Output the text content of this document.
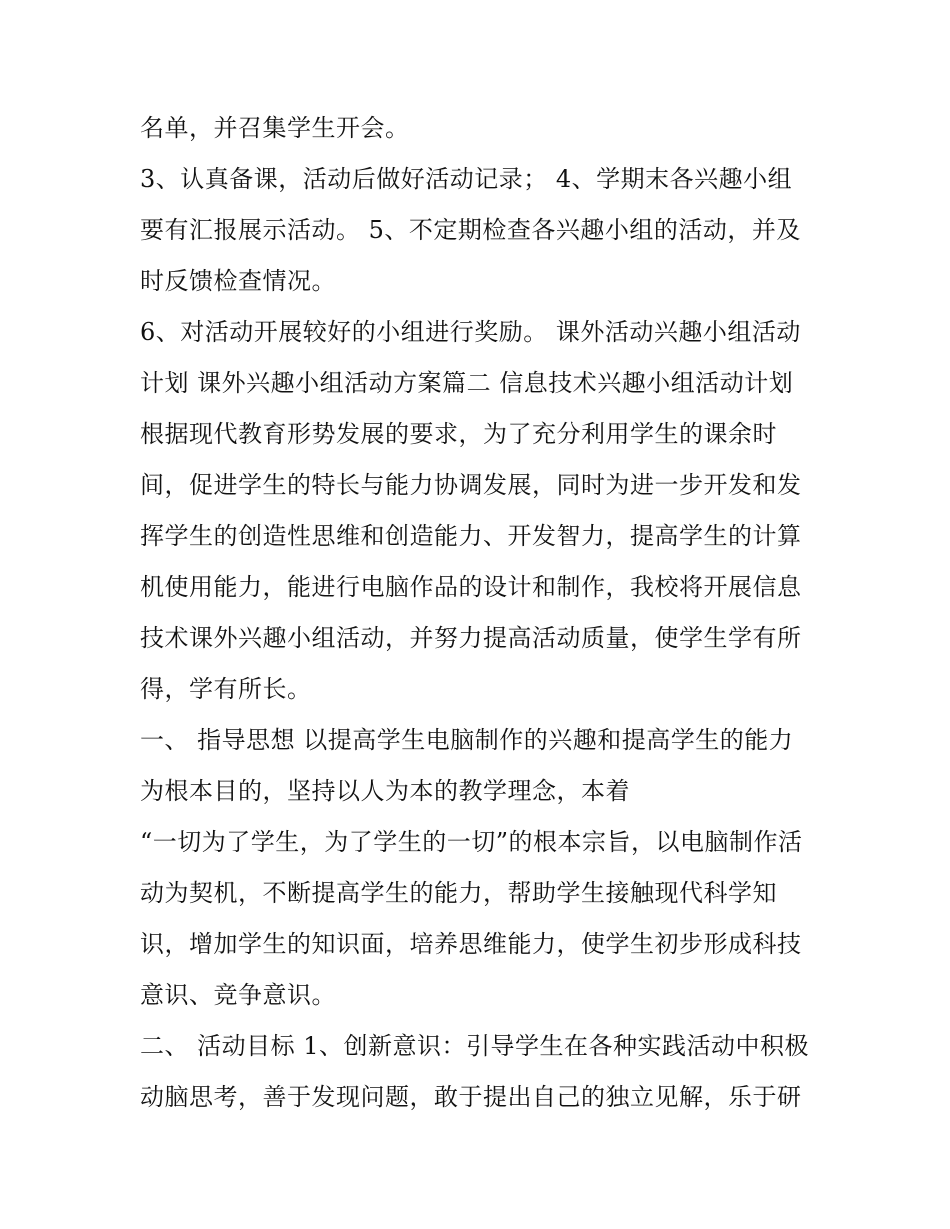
名单，并召集学生开会。
3、认真备课，活动后做好活动记录； 4、学期末各兴趣小组
要有汇报展示活动。 5、不定期检查各兴趣小组的活动，并及
时反馈检查情况。
6、对活动开展较好的小组进行奖励。 课外活动兴趣小组活动
计划 课外兴趣小组活动方案篇二 信息技术兴趣小组活动计划
根据现代教育形势发展的要求，为了充分利用学生的课余时
间，促进学生的特长与能力协调发展，同时为进一步开发和发
挥学生的创造性思维和创造能力、开发智力，提高学生的计算
机使用能力，能进行电脑作品的设计和制作，我校将开展信息
技术课外兴趣小组活动，并努力提高活动质量，使学生学有所
得，学有所长。
一、 指导思想 以提高学生电脑制作的兴趣和提高学生的能力
为根本目的，坚持以人为本的教学理念，本着
“一切为了学生，为了学生的一切”的根本宗旨，以电脑制作活
动为契机，不断提高学生的能力，帮助学生接触现代科学知
识，增加学生的知识面，培养思维能力，使学生初步形成科技
意识、竞争意识。
二、 活动目标 1、创新意识：引导学生在各种实践活动中积极
动脑思考，善于发现问题，敢于提出自己的独立见解，乐于研
